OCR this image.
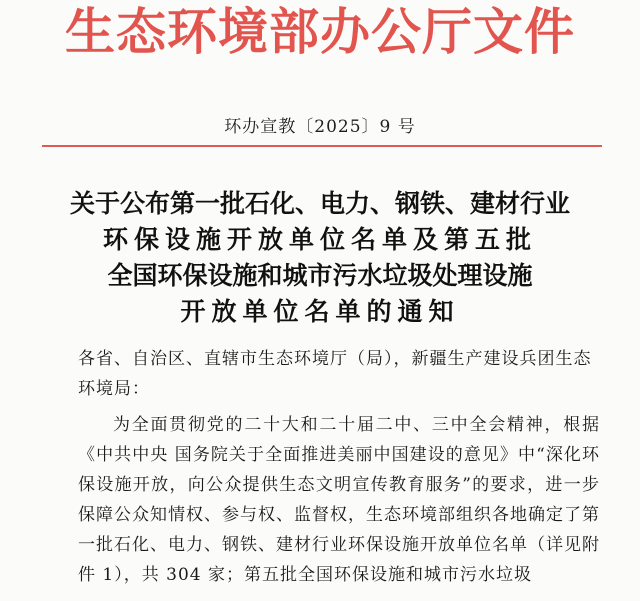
生态环境部办公厅文件
环办宣教〔2025〕9 号
关于公布第一批石化、电力、钢铁、建材行业
环保设施开放单位名单及第五批
全国环保设施和城市污水垃圾处理设施
开放单位名单的通知
各省、自治区、直辖市生态环境厅（局），新疆生产建设兵团生态环境局：
为全面贯彻党的二十大和二十届二中、三中全会精神，根据《中共中央 国务院关于全面推进美丽中国建设的意见》中“深化环保设施开放，向公众提供生态文明宣传教育服务”的要求，进一步保障公众知情权、参与权、监督权，生态环境部组织各地确定了第一批石化、电力、钢铁、建材行业环保设施开放单位名单（详见附件 1），共 304 家；第五批全国环保设施和城市污水垃圾
